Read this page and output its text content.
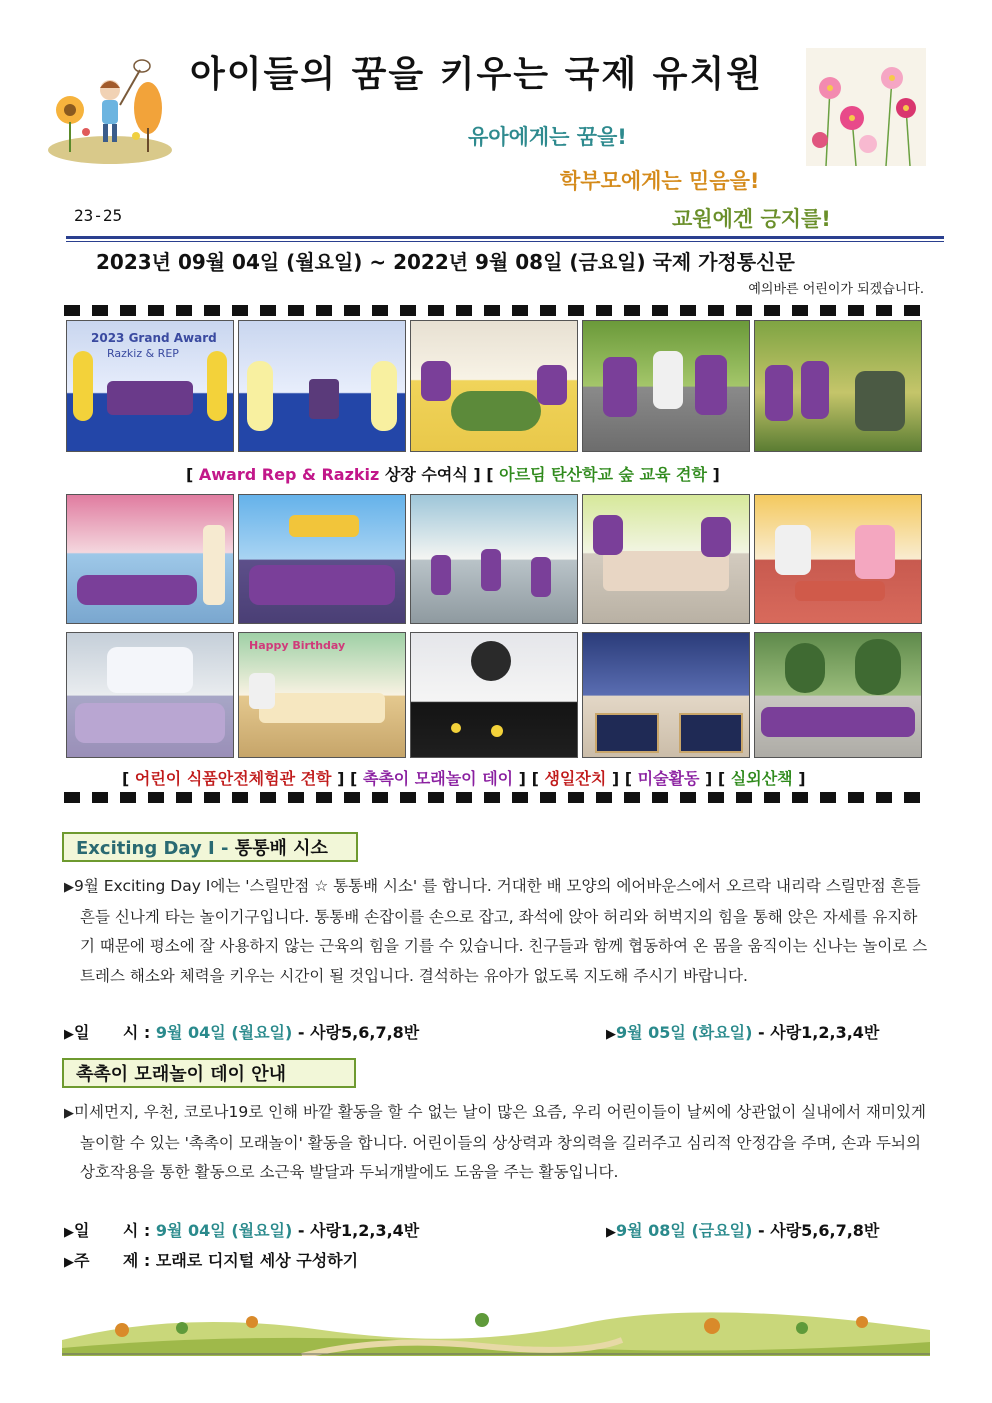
아이들의 꿈을 키우는 국제 유치원
유아에게는 꿈을!
학부모에게는 믿음을!
교원에겐 긍지를!
23-25
2023년 09월 04일 (월요일) ~ 2022년 9월 08일 (금요일) 국제 가정통신문
예의바른 어린이가 되겠습니다.
2023 Grand Award
Razkiz & REP
[ Award Rep & Razkiz 상장 수여식 ] [ 아르딤 탄산학교 숲 교육 견학 ]
Happy Birthday
[ 어린이 식품안전체험관 견학 ] [ 촉촉이 모래놀이 데이 ] [ 생일잔치 ] [ 미술활동 ] [ 실외산책 ]
Exciting Day Ⅰ - 통통배 시소

▶9월 Exciting Day Ⅰ에는 '스릴만점 ☆ 통통배 시소' 를 합니다. 거대한 배 모양의 에어바운스에서 오르락 내리락 스릴만점 흔들흔들 신나게 타는 놀이기구입니다. 통통배 손잡이를 손으로 잡고, 좌석에 앉아 허리와 허벅지의 힘을 통해 앉은 자세를 유지하기 때문에 평소에 잘 사용하지 않는 근육의 힘을 기를 수 있습니다. 친구들과 함께 협동하여 온 몸을 움직이는 신나는 놀이로 스트레스 해소와 체력을 키우는 시간이 될 것입니다. 결석하는 유아가 없도록 지도해 주시기 바랍니다.

▶일      시 : 9월 04일 (월요일) - 사랑5,6,7,8반	▶9월 05일 (화요일) - 사랑1,2,3,4반
촉촉이 모래놀이 데이 안내

▶미세먼지, 우천, 코로나19로 인해 바깥 활동을 할 수 없는 날이 많은 요즘, 우리 어린이들이 날씨에 상관없이 실내에서 재미있게 놀이할 수 있는 '촉촉이 모래놀이' 활동을 합니다. 어린이들의 상상력과 창의력을 길러주고 심리적 안정감을 주며, 손과 두뇌의 상호작용을 통한 활동으로 소근육 발달과 두뇌개발에도 도움을 주는 활동입니다.

▶일      시 : 9월 04일 (월요일) - 사랑1,2,3,4반	▶9월 08일 (금요일) - 사랑5,6,7,8반
▶주      제 : 모래로 디지털 세상 구성하기
